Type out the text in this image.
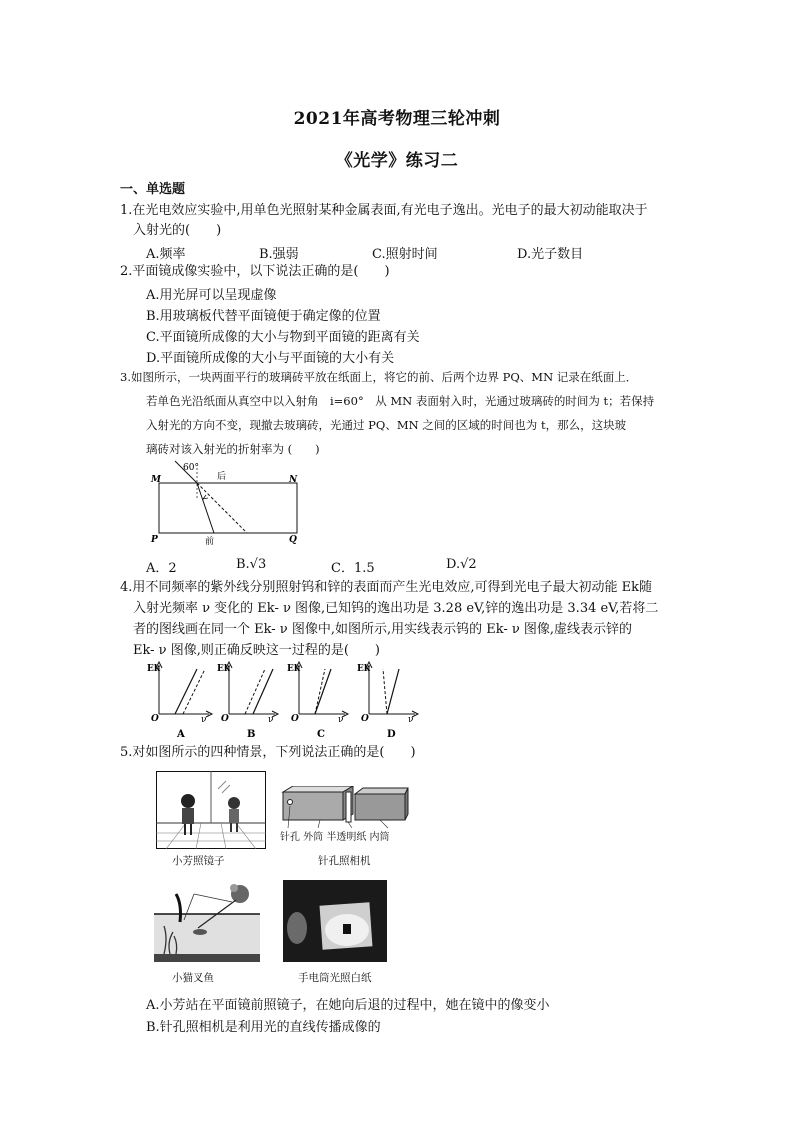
2021年高考物理三轮冲刺
《光学》练习二
一、单选题
1.在光电效应实验中,用单色光照射某种金属表面,有光电子逸出。光电子的最大初动能取决于
入射光的(　　)
A.频率	B.强弱	C.照射时间	D.光子数目
2.平面镜成像实验中，以下说法正确的是(　　)
A.用光屏可以呈现虚像
B.用玻璃板代替平面镜便于确定像的位置
C.平面镜所成像的大小与物到平面镜的距离有关
D.平面镜所成像的大小与平面镜的大小有关
3.如图所示，一块两面平行的玻璃砖平放在纸面上，将它的前、后两个边界 PQ、MN 记录在纸面上．
若单色光沿纸面从真空中以入射角　i=60°　从 MN 表面射入时，光通过玻璃砖的时间为 t；若保持
入射光的方向不变，现撤去玻璃砖，光通过 PQ、MN 之间的区域的时间也为 t，那么，这块玻
璃砖对该入射光的折射率为 (　　)
60°
后
前
M	N
P	Q
A．2	B.√3	C．1.5	D.√2
4.用不同频率的紫外线分别照射钨和锌的表面而产生光电效应,可得到光电子最大初动能 Ek随
入射光频率 ν 变化的 Ek- ν 图像,已知钨的逸出功是 3.28 eV,锌的逸出功是 3.34 eV,若将二
者的图线画在同一个 Ek- ν 图像中,如图所示,用实线表示钨的 Ek- ν 图像,虚线表示锌的
Ek- ν 图像,则正确反映这一过程的是(　　)
Ek
O	ν
A
Ek
O	ν
B
Ek
O	ν
C
Ek
O	ν
D
5.对如图所示的四种情景，下列说法正确的是(　　)
小芳照镜子
针孔 外筒 半透明纸 内筒
针孔照相机
小猫叉鱼	手电筒光照白纸
A.小芳站在平面镜前照镜子，在她向后退的过程中，她在镜中的像变小
B.针孔照相机是利用光的直线传播成像的
